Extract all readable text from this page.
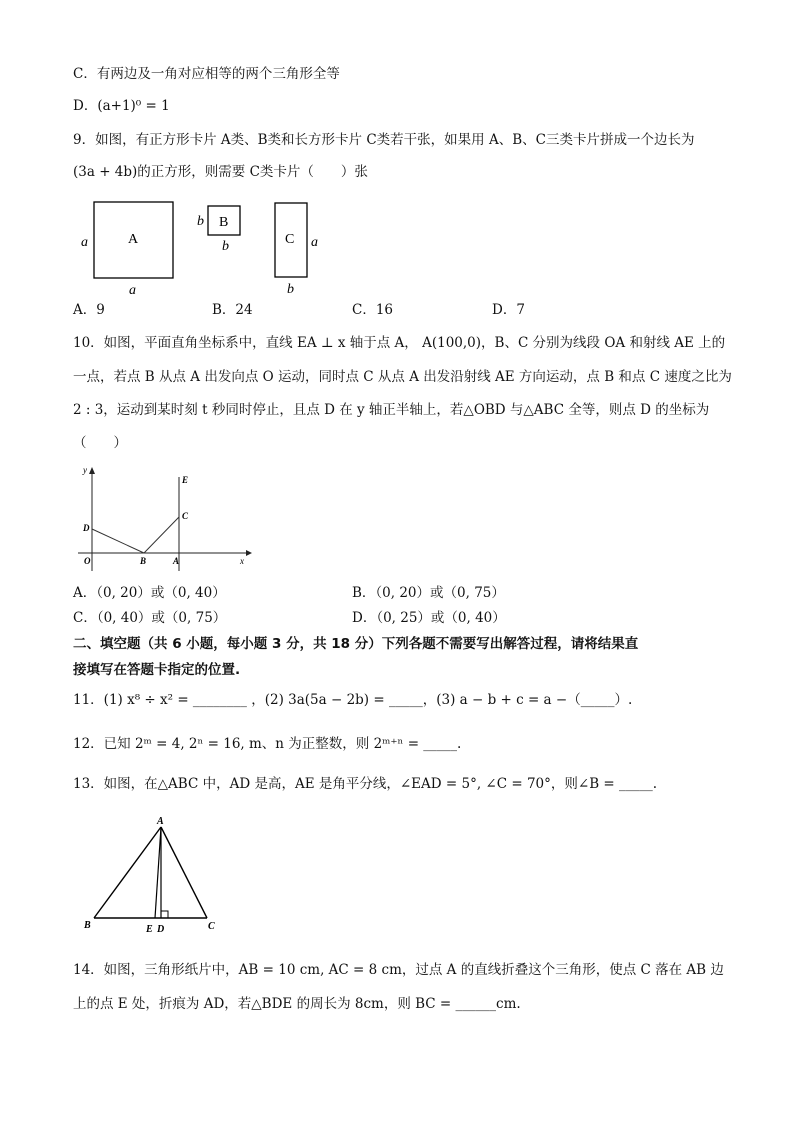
C．有两边及一角对应相等的两个三角形全等
D．(a+1)⁰ = 1
9．如图，有正方形卡片 A类、B类和长方形卡片 C类若干张，如果用 A、B、C三类卡片拼成一个边长为
(3a + 4b)的正方形，则需要 C类卡片（　　）张
A
a
a
B
b
b	C a
b
A．9	B．24	C．16	D．7
10．如图，平面直角坐标系中，直线 EA ⊥ x 轴于点 A， A(100,0)，B、C 分别为线段 OA 和射线 AE 上的
一点，若点 B 从点 A 出发向点 O 运动，同时点 C 从点 A 出发沿射线 AE 方向运动，点 B 和点 C 速度之比为
2 : 3，运动到某时刻 t 秒同时停止，且点 D 在 y 轴正半轴上，若△OBD 与△ABC 全等，则点 D 的坐标为
（　　）
y
x
O
D
B	A
C
E
A．（0, 20）或（0, 40）	B．（0, 20）或（0, 75）
C．（0, 40）或（0, 75）	D．（0, 25）或（0, 40）
二、填空题（共 6 小题，每小题 3 分，共 18 分）下列各题不需要写出解答过程，请将结果直
接填写在答题卡指定的位置.
11．(1) x⁸ ÷ x² = ________ ，(2) 3a(5a − 2b) = _____，(3) a − b + c = a −（_____）.
12．已知 2ᵐ = 4, 2ⁿ = 16, m、n 为正整数，则 2ᵐ⁺ⁿ = _____.
13．如图，在△ABC 中，AD 是高，AE 是角平分线，∠EAD = 5°, ∠C = 70°，则∠B = _____.
A
B	E D	C
14．如图，三角形纸片中，AB = 10 cm, AC = 8 cm，过点 A 的直线折叠这个三角形，使点 C 落在 AB 边
上的点 E 处，折痕为 AD，若△BDE 的周长为 8cm，则 BC = ______cm.
